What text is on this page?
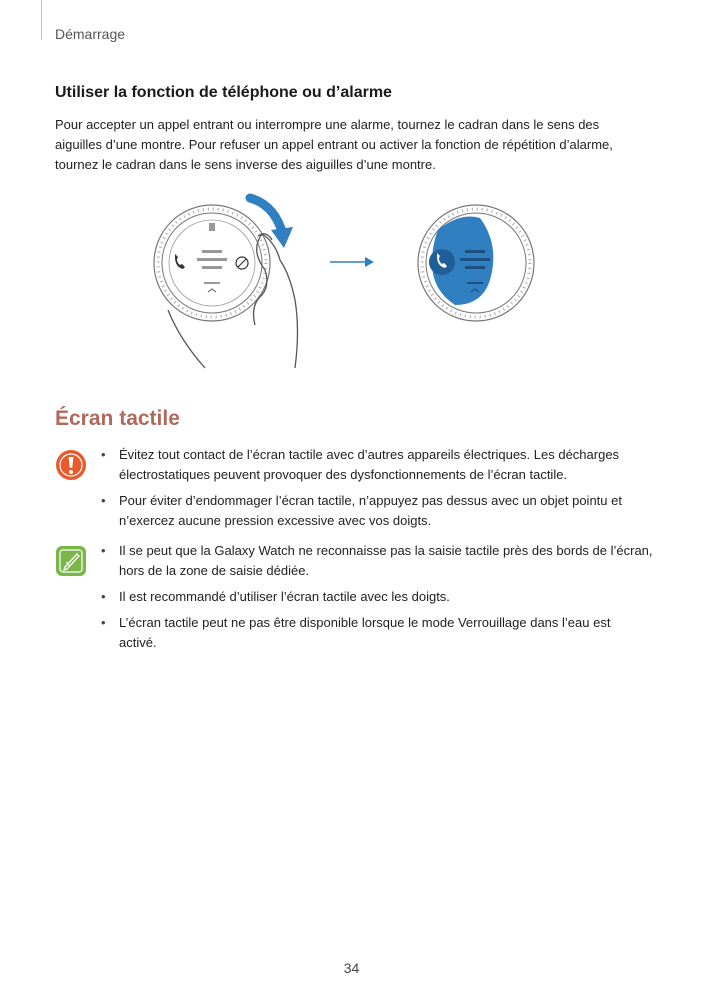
Démarrage
Utiliser la fonction de téléphone ou d’alarme
Pour accepter un appel entrant ou interrompre une alarme, tournez le cadran dans le sens des
aiguilles d’une montre. Pour refuser un appel entrant ou activer la fonction de répétition d’alarme,
tournez le cadran dans le sens inverse des aiguilles d’une montre.
Écran tactile
• Évitez tout contact de l’écran tactile avec d’autres appareils électriques. Les décharges
électrostatiques peuvent provoquer des dysfonctionnements de l’écran tactile.
• Pour éviter d’endommager l’écran tactile, n’appuyez pas dessus avec un objet pointu et
n’exercez aucune pression excessive avec vos doigts.
• Il se peut que la Galaxy Watch ne reconnaisse pas la saisie tactile près des bords de l’écran,
hors de la zone de saisie dédiée.
• Il est recommandé d’utiliser l’écran tactile avec les doigts.
• L’écran tactile peut ne pas être disponible lorsque le mode Verrouillage dans l’eau est
activé.
34
